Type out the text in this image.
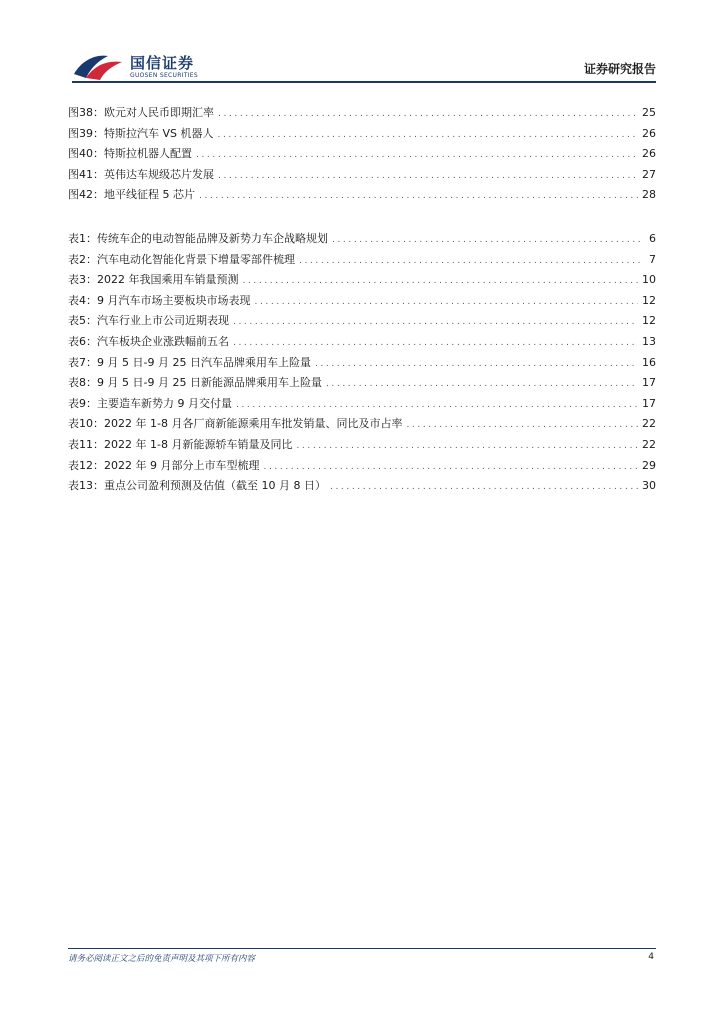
国信证券
GUOSEN SECURITIES	证券研究报告
图38： 欧元对人民币即期汇率 .....	25
图39： 特斯拉汽车 VS 机器人 .....	26
图40： 特斯拉机器人配置 .....	26
图41： 英伟达车规级芯片发展 .....	27
图42： 地平线征程 5 芯片 .....	28
表1： 传统车企的电动智能品牌及新势力车企战略规划 .....	6
表2： 汽车电动化智能化背景下增量零部件梳理 .....	7
表3： 2022 年我国乘用车销量预测 .....	10
表4： 9 月汽车市场主要板块市场表现 .....	12
表5： 汽车行业上市公司近期表现 .....	12
表6： 汽车板块企业涨跌幅前五名 .....	13
表7： 9 月 5 日-9 月 25 日汽车品牌乘用车上险量 .....	16
表8： 9 月 5 日-9 月 25 日新能源品牌乘用车上险量 .....	17
表9： 主要造车新势力 9 月交付量 .....	17
表10： 2022 年 1-8 月各厂商新能源乘用车批发销量、同比及市占率 .....	22
表11： 2022 年 1-8 月新能源轿车销量及同比 .....	22
表12： 2022 年 9 月部分上市车型梳理 .....	29
表13： 重点公司盈利预测及估值（截至 10 月 8 日） .....	30
请务必阅读正文之后的免责声明及其项下所有内容	4
